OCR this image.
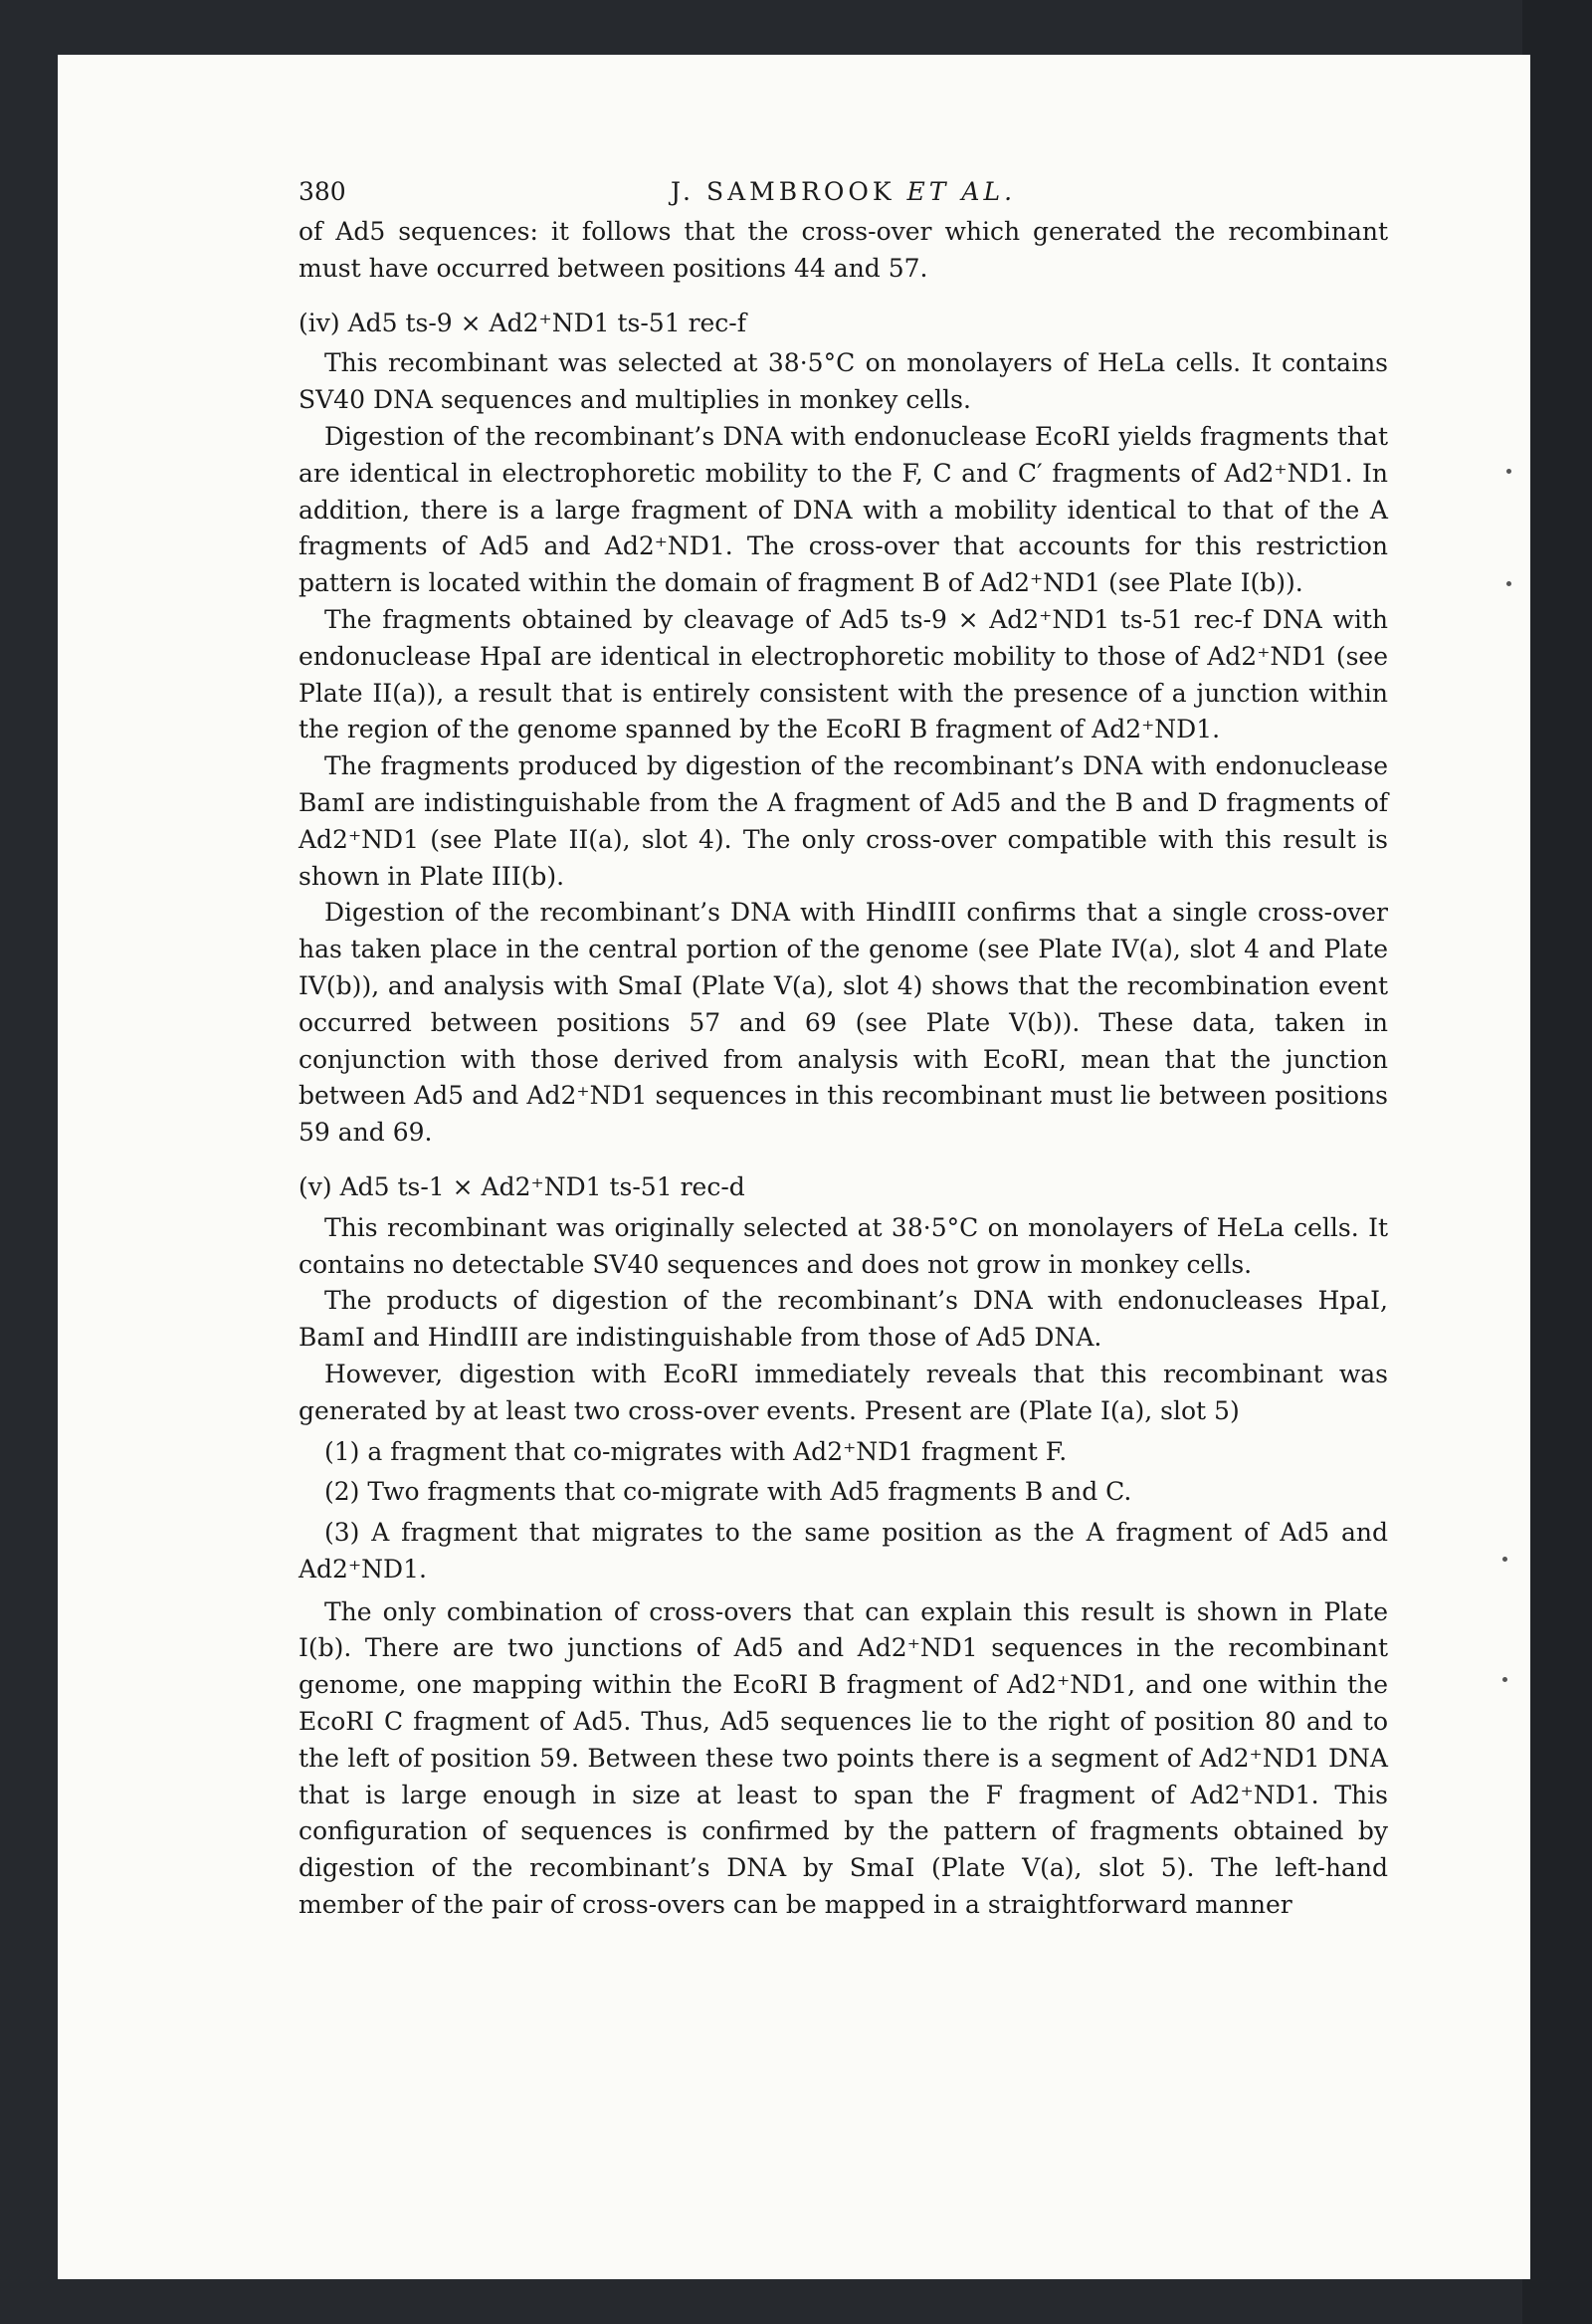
380	J. SAMBROOK ET AL.

of Ad5 sequences: it follows that the cross-over which generated the recombinant must have occurred between positions 44 and 57.

(iv) Ad5 ts-9 × Ad2⁺ND1 ts-51 rec-f

This recombinant was selected at 38·5°C on monolayers of HeLa cells. It contains SV40 DNA sequences and multiplies in monkey cells.

Digestion of the recombinant’s DNA with endonuclease EcoRI yields fragments that are identical in electrophoretic mobility to the F, C and C′ fragments of Ad2⁺ND1. In addition, there is a large fragment of DNA with a mobility identical to that of the A fragments of Ad5 and Ad2⁺ND1. The cross-over that accounts for this restriction pattern is located within the domain of fragment B of Ad2⁺ND1 (see Plate I(b)).

The fragments obtained by cleavage of Ad5 ts-9 × Ad2⁺ND1 ts-51 rec-f DNA with endonuclease HpaI are identical in electrophoretic mobility to those of Ad2⁺ND1 (see Plate II(a)), a result that is entirely consistent with the presence of a junction within the region of the genome spanned by the EcoRI B fragment of Ad2⁺ND1.

The fragments produced by digestion of the recombinant’s DNA with endonuclease BamI are indistinguishable from the A fragment of Ad5 and the B and D fragments of Ad2⁺ND1 (see Plate II(a), slot 4). The only cross-over compatible with this result is shown in Plate III(b).

Digestion of the recombinant’s DNA with HindIII confirms that a single cross-over has taken place in the central portion of the genome (see Plate IV(a), slot 4 and Plate IV(b)), and analysis with SmaI (Plate V(a), slot 4) shows that the recombination event occurred between positions 57 and 69 (see Plate V(b)). These data, taken in conjunction with those derived from analysis with EcoRI, mean that the junction between Ad5 and Ad2⁺ND1 sequences in this recombinant must lie between positions 59 and 69.

(v) Ad5 ts-1 × Ad2⁺ND1 ts-51 rec-d

This recombinant was originally selected at 38·5°C on monolayers of HeLa cells. It contains no detectable SV40 sequences and does not grow in monkey cells.

The products of digestion of the recombinant’s DNA with endonucleases HpaI, BamI and HindIII are indistinguishable from those of Ad5 DNA.

However, digestion with EcoRI immediately reveals that this recombinant was generated by at least two cross-over events. Present are (Plate I(a), slot 5)

(1) a fragment that co-migrates with Ad2⁺ND1 fragment F.

(2) Two fragments that co-migrate with Ad5 fragments B and C.

(3) A fragment that migrates to the same position as the A fragment of Ad5 and Ad2⁺ND1.

The only combination of cross-overs that can explain this result is shown in Plate I(b). There are two junctions of Ad5 and Ad2⁺ND1 sequences in the recombinant genome, one mapping within the EcoRI B fragment of Ad2⁺ND1, and one within the EcoRI C fragment of Ad5. Thus, Ad5 sequences lie to the right of position 80 and to the left of position 59. Between these two points there is a segment of Ad2⁺ND1 DNA that is large enough in size at least to span the F fragment of Ad2⁺ND1. This configuration of sequences is confirmed by the pattern of fragments obtained by digestion of the recombinant’s DNA by SmaI (Plate V(a), slot 5). The left-hand member of the pair of cross-overs can be mapped in a straightforward manner
